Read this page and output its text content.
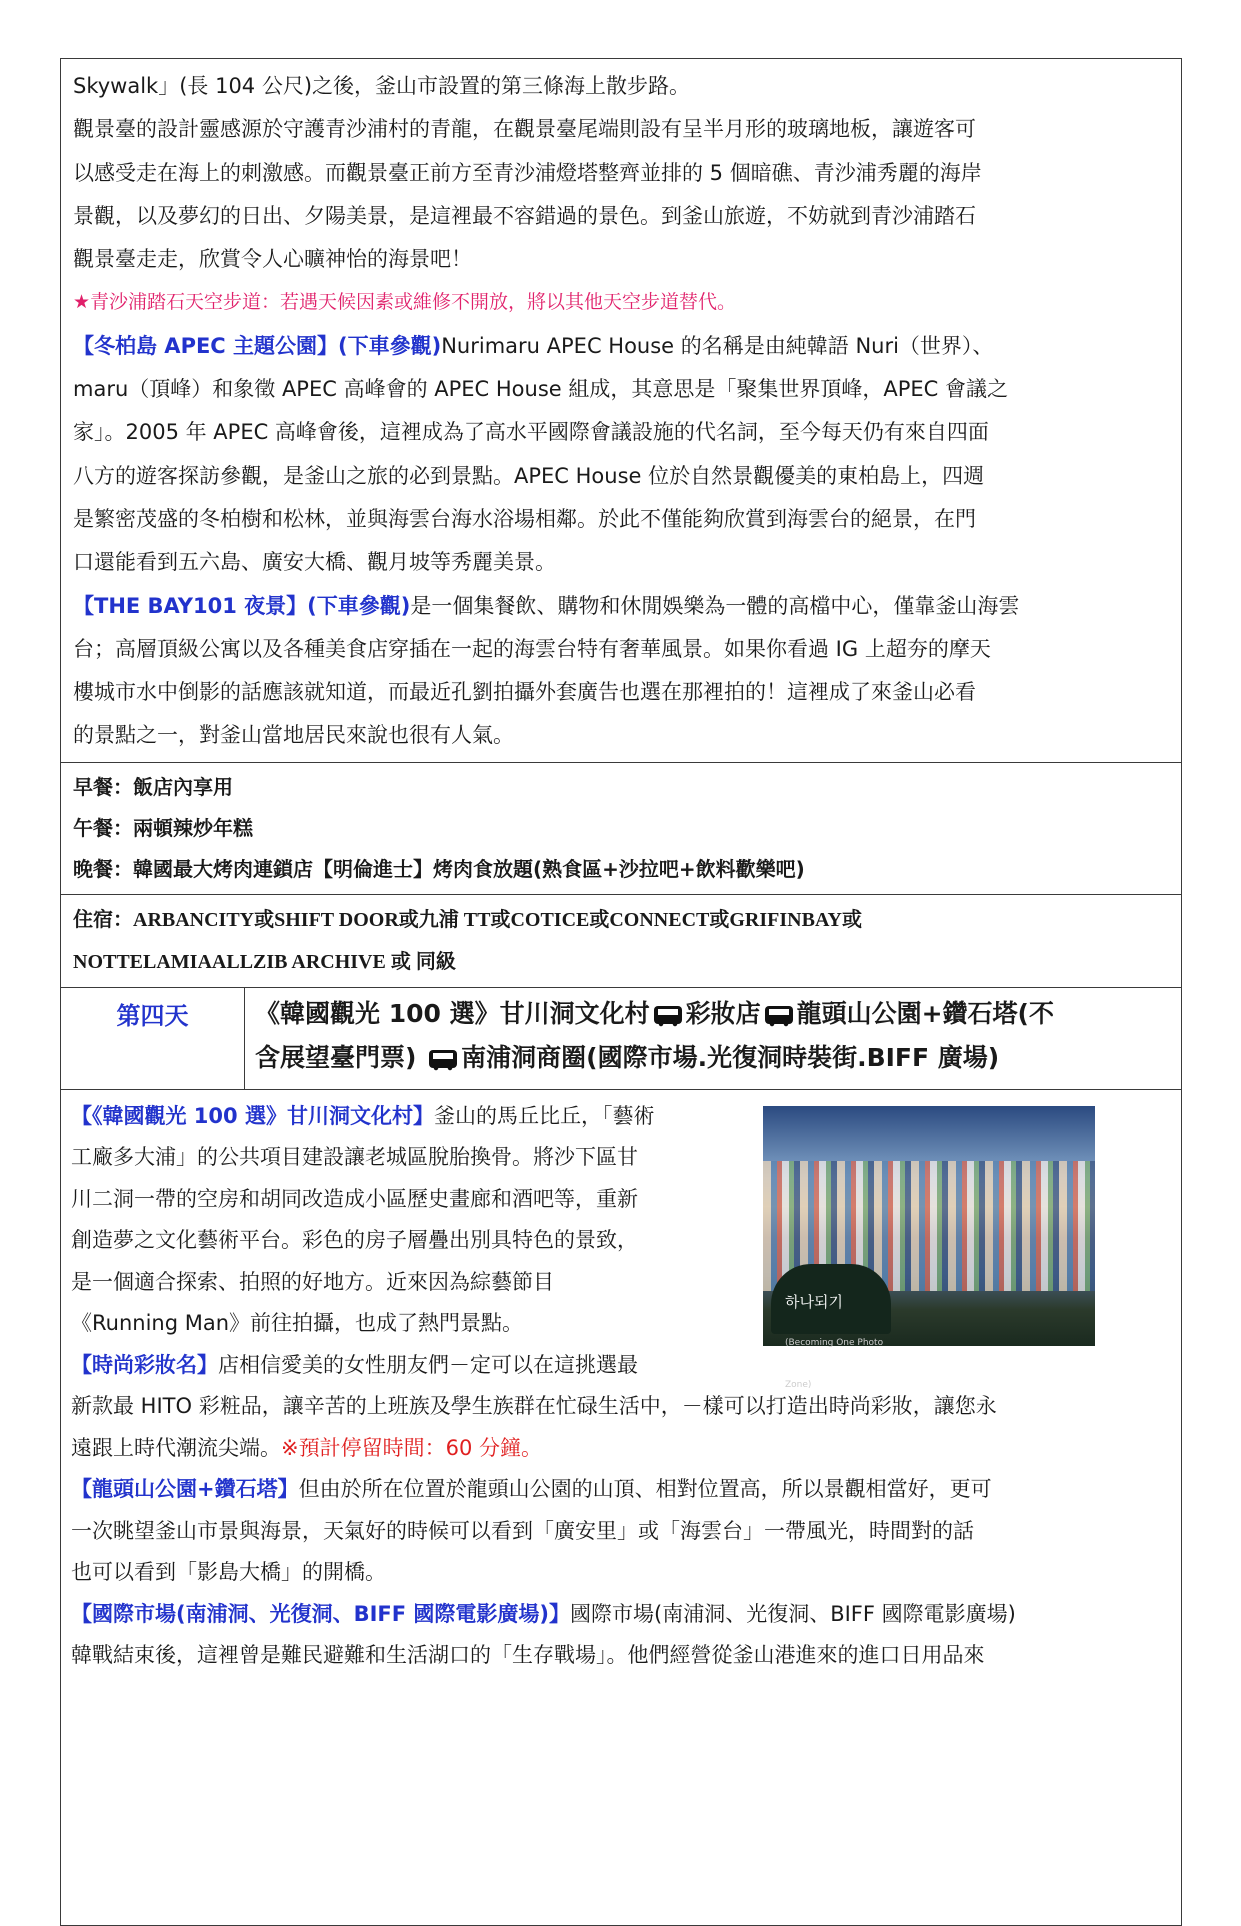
Skywalk」(長 104 公尺)之後，釜山市設置的第三條海上散步路。

觀景臺的設計靈感源於守護青沙浦村的青龍，在觀景臺尾端則設有呈半月形的玻璃地板，讓遊客可

以感受走在海上的刺激感。而觀景臺正前方至青沙浦燈塔整齊並排的 5 個暗礁、青沙浦秀麗的海岸

景觀，以及夢幻的日出、夕陽美景，是這裡最不容錯過的景色。到釜山旅遊，不妨就到青沙浦踏石

觀景臺走走，欣賞令人心曠神怡的海景吧！

★青沙浦踏石天空步道：若遇天候因素或維修不開放，將以其他天空步道替代。

【冬柏島 APEC 主題公園】(下車參觀)Nurimaru APEC House 的名稱是由純韓語 Nuri（世界）、

maru（頂峰）和象徵 APEC 高峰會的 APEC House 組成，其意思是「聚集世界頂峰，APEC 會議之

家」。2005 年 APEC 高峰會後，這裡成為了高水平國際會議設施的代名詞，至今每天仍有來自四面

八方的遊客探訪參觀，是釜山之旅的必到景點。APEC House 位於自然景觀優美的東柏島上，四週

是繁密茂盛的冬柏樹和松林，並與海雲台海水浴場相鄰。於此不僅能夠欣賞到海雲台的絕景，在門

口還能看到五六島、廣安大橋、觀月坡等秀麗美景。

【THE BAY101 夜景】(下車參觀)是一個集餐飲、購物和休閒娛樂為一體的高檔中心，僅靠釜山海雲

台；高層頂級公寓以及各種美食店穿插在一起的海雲台特有奢華風景。如果你看過 IG 上超夯的摩天

樓城市水中倒影的話應該就知道，而最近孔劉拍攝外套廣告也選在那裡拍的！這裡成了來釜山必看

的景點之一，對釜山當地居民來說也很有人氣。

早餐：飯店內享用

午餐：兩頓辣炒年糕

晚餐：韓國最大烤肉連鎖店【明倫進士】烤肉食放題(熟食區+沙拉吧+飲料歡樂吧)

住宿：ARBANCITY或SHIFT DOOR或九浦 TT或COTICE或CONNECT或GRIFINBAY或

NOTTELAMIAALLZIB ARCHIVE 或 同級

第四天	《韓國觀光 100 選》甘川洞文化村 彩妝店 龍頭山公園+鑽石塔(不
含展望臺門票) 南浦洞商圈(國際市場.光復洞時裝街.BIFF 廣場)
하나되기
(Becoming One Photo Zone)

【《韓國觀光 100 選》甘川洞文化村】釜山的馬丘比丘，「藝術

工廠多大浦」的公共項目建設讓老城區脫胎換骨。將沙下區甘

川二洞一帶的空房和胡同改造成小區歷史畫廊和酒吧等，重新

創造夢之文化藝術平台。彩色的房子層疊出別具特色的景致，

是一個適合探索、拍照的好地方。近來因為綜藝節目

《Running Man》前往拍攝，也成了熱門景點。

【時尚彩妝名】店相信愛美的女性朋友們－定可以在這挑選最

新款最 HITO 彩粧品，讓辛苦的上班族及學生族群在忙碌生活中，－樣可以打造出時尚彩妝，讓您永

遠跟上時代潮流尖端。※預計停留時間：60 分鐘。

【龍頭山公園+鑽石塔】但由於所在位置於龍頭山公園的山頂、相對位置高，所以景觀相當好，更可

一次眺望釜山市景與海景，天氣好的時候可以看到「廣安里」或「海雲台」一帶風光，時間對的話

也可以看到「影島大橋」的開橋。

【國際市場(南浦洞、光復洞、BIFF 國際電影廣場)】國際市場(南浦洞、光復洞、BIFF 國際電影廣場)

韓戰結束後，這裡曾是難民避難和生活湖口的「生存戰場」。他們經營從釜山港進來的進口日用品來
